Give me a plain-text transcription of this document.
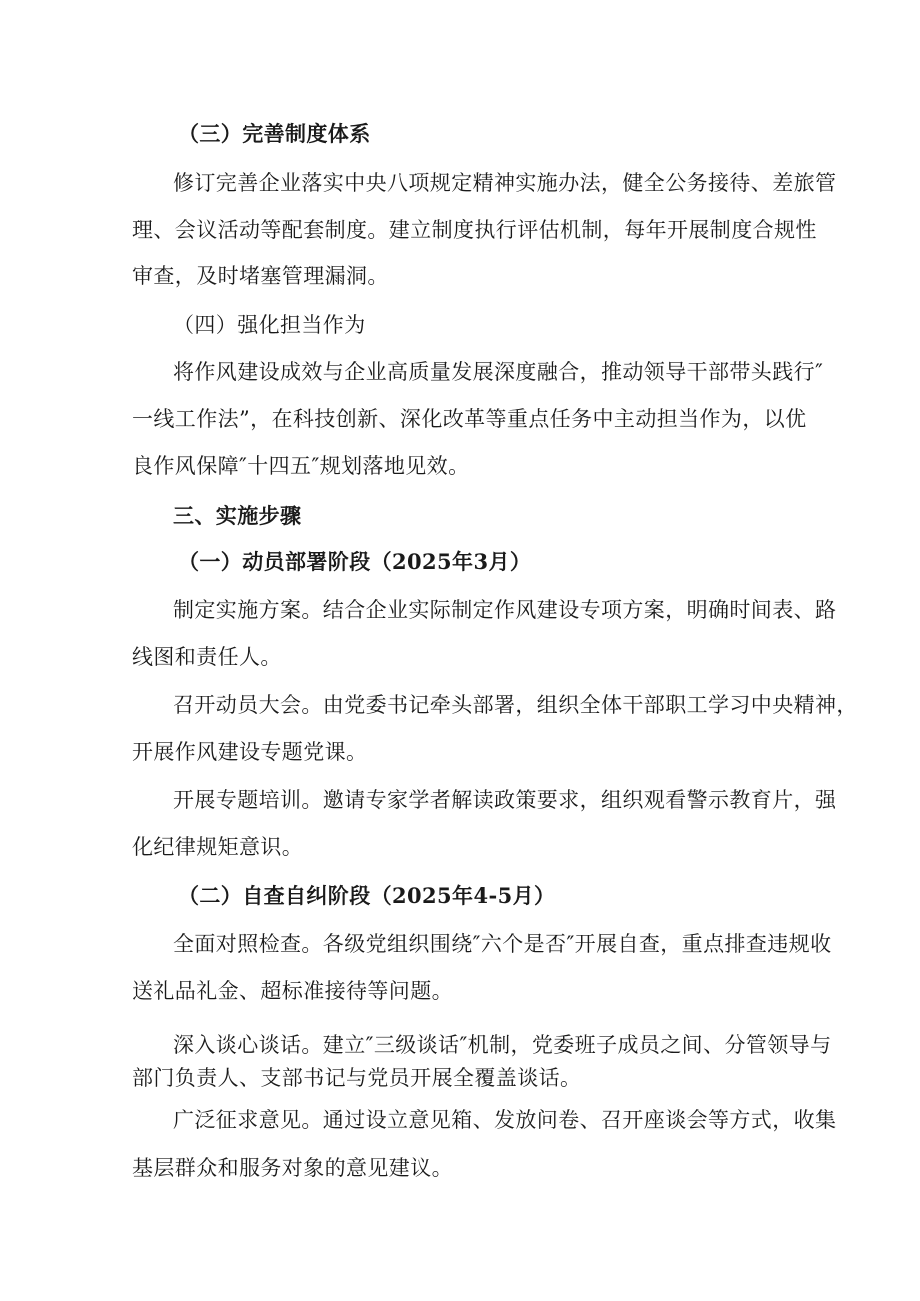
（三）完善制度体系
修订完善企业落实中央八项规定精神实施办法，健全公务接待、差旅管
理、会议活动等配套制度。建立制度执行评估机制，每年开展制度合规性
审查，及时堵塞管理漏洞。
（四）强化担当作为
将作风建设成效与企业高质量发展深度融合，推动领导干部带头践行″
一线工作法”，在科技创新、深化改革等重点任务中主动担当作为，以优
良作风保障″十四五″规划落地见效。
三、实施步骤
（一）动员部署阶段（2025年3月）
制定实施方案。结合企业实际制定作风建设专项方案，明确时间表、路
线图和责任人。
召开动员大会。由党委书记牵头部署，组织全体干部职工学习中央精神，
开展作风建设专题党课。
开展专题培训。邀请专家学者解读政策要求，组织观看警示教育片，强
化纪律规矩意识。
（二）自查自纠阶段（2025年4-5月）
全面对照检查。各级党组织围绕″六个是否″开展自查，重点排查违规收
送礼品礼金、超标准接待等问题。
深入谈心谈话。建立″三级谈话″机制，党委班子成员之间、分管领导与
部门负责人、支部书记与党员开展全覆盖谈话。
广泛征求意见。通过设立意见箱、发放问卷、召开座谈会等方式，收集
基层群众和服务对象的意见建议。
